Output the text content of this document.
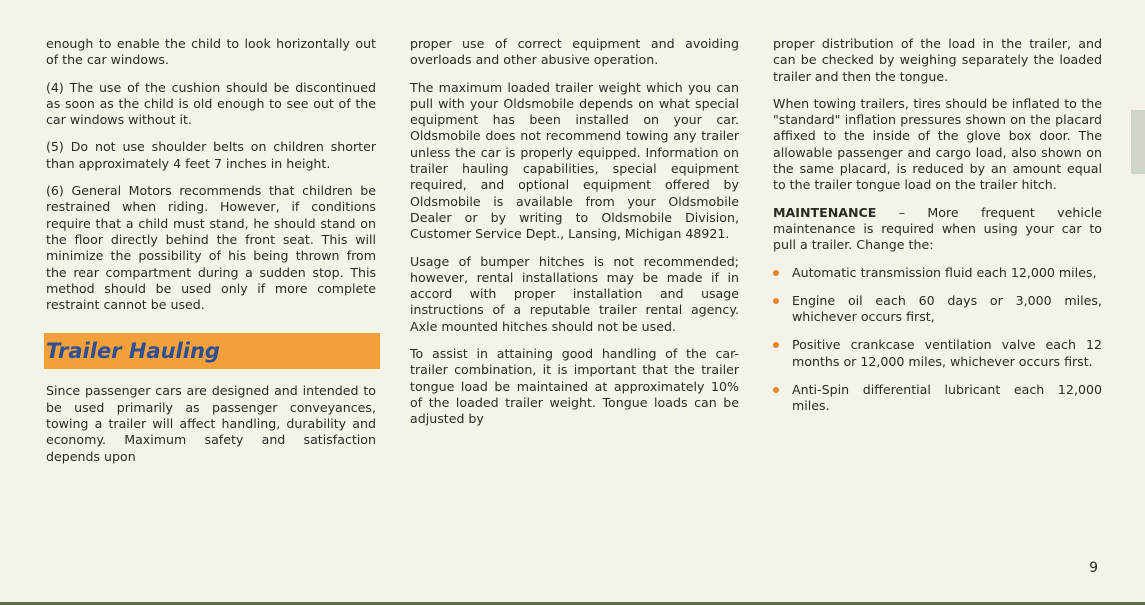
enough to enable the child to look horizontally out of the car windows.

(4) The use of the cushion should be discontinued as soon as the child is old enough to see out of the car windows without it.

(5) Do not use shoulder belts on children shorter than approximately 4 feet 7 inches in height.

(6) General Motors recommends that children be restrained when riding. However, if conditions require that a child must stand, he should stand on the floor directly behind the front seat. This will minimize the possibility of his being thrown from the rear compartment during a sudden stop. This method should be used only if more complete restraint cannot be used.

Trailer Hauling

Since passenger cars are designed and intended to be used primarily as passenger conveyances, towing a trailer will affect handling, durability and economy. Maximum safety and satisfaction depends upon

proper use of correct equipment and avoiding overloads and other abusive operation.

The maximum loaded trailer weight which you can pull with your Oldsmobile depends on what special equipment has been installed on your car. Oldsmobile does not recommend towing any trailer unless the car is properly equipped. Information on trailer hauling capabilities, special equipment required, and optional equipment offered by Oldsmobile is available from your Oldsmobile Dealer or by writing to Oldsmobile Division, Customer Service Dept., Lansing, Michigan 48921.

Usage of bumper hitches is not recommended; however, rental installations may be made if in accord with proper installation and usage instructions of a reputable trailer rental agency. Axle mounted hitches should not be used.

To assist in attaining good handling of the car-trailer combination, it is important that the trailer tongue load be maintained at approximately 10% of the loaded trailer weight. Tongue loads can be adjusted by

proper distribution of the load in the trailer, and can be checked by weighing separately the loaded trailer and then the tongue.

When towing trailers, tires should be inflated to the "standard" inflation pressures shown on the placard affixed to the inside of the glove box door. The allowable passenger and cargo load, also shown on the same placard, is reduced by an amount equal to the trailer tongue load on the trailer hitch.

MAINTENANCE – More frequent vehicle maintenance is required when using your car to pull a trailer. Change the:

Automatic transmission fluid each 12,000 miles,
Engine oil each 60 days or 3,000 miles, whichever occurs first,
Positive crankcase ventilation valve each 12 months or 12,000 miles, whichever occurs first.
Anti-Spin differential lubricant each 12,000 miles.
9
